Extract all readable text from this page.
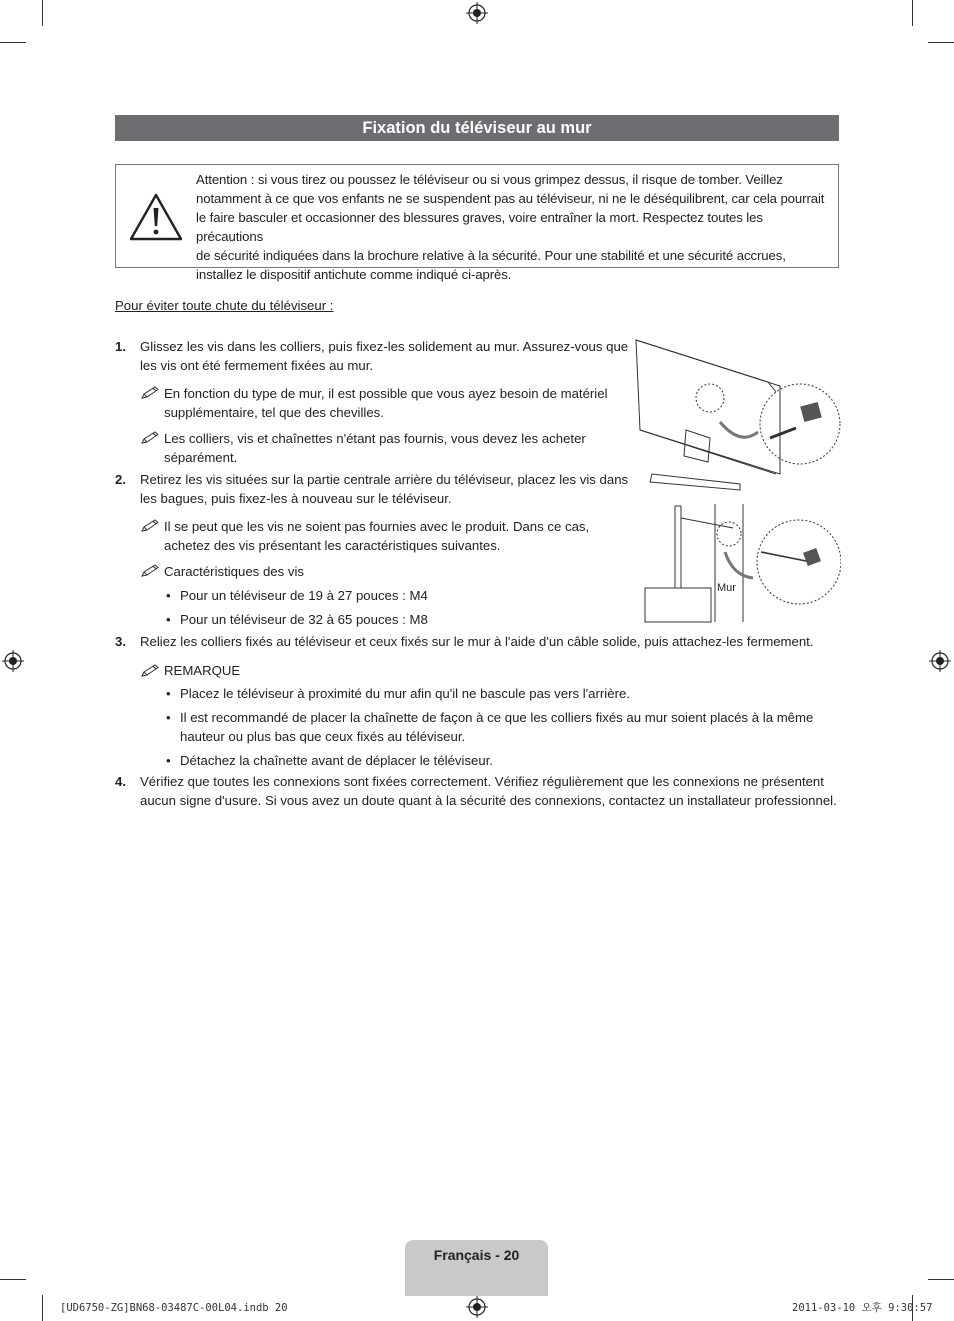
Fixation du téléviseur au mur
Attention : si vous tirez ou poussez le téléviseur ou si vous grimpez dessus, il risque de tomber. Veillez
notamment à ce que vos enfants ne se suspendent pas au téléviseur, ni ne le déséquilibrent, car cela pourrait
le faire basculer et occasionner des blessures graves, voire entraîner la mort. Respectez toutes les précautions
de sécurité indiquées dans la brochure relative à la sécurité. Pour une stabilité et une sécurité accrues,
installez le dispositif antichute comme indiqué ci-après.
Pour éviter toute chute du téléviseur :
1. Glissez les vis dans les colliers, puis fixez-les solidement au mur. Assurez-vous que
les vis ont été fermement fixées au mur.
En fonction du type de mur, il est possible que vous ayez besoin de matériel
supplémentaire, tel que des chevilles.
Les colliers, vis et chaînettes n'étant pas fournis, vous devez les acheter
séparément.
2. Retirez les vis situées sur la partie centrale arrière du téléviseur, placez les vis dans
les bagues, puis fixez-les à nouveau sur le téléviseur.
Il se peut que les vis ne soient pas fournies avec le produit. Dans ce cas,
achetez des vis présentant les caractéristiques suivantes.
Caractéristiques des vis
• Pour un téléviseur de 19 à 27 pouces : M4
• Pour un téléviseur de 32 à 65 pouces : M8
3. Reliez les colliers fixés au téléviseur et ceux fixés sur le mur à l'aide d'un câble solide, puis attachez-les fermement.
REMARQUE
• Placez le téléviseur à proximité du mur afin qu'il ne bascule pas vers l'arrière.
• Il est recommandé de placer la chaînette de façon à ce que les colliers fixés au mur soient placés à la même
hauteur ou plus bas que ceux fixés au téléviseur.
• Détachez la chaînette avant de déplacer le téléviseur.
4. Vérifiez que toutes les connexions sont fixées correctement. Vérifiez régulièrement que les connexions ne présentent
aucun signe d'usure. Si vous avez un doute quant à la sécurité des connexions, contactez un installateur professionnel.
Mur
Français - 20
[UD6750-ZG]BN68-03487C-00L04.indb 20	2011-03-10 오후 9:30:57
